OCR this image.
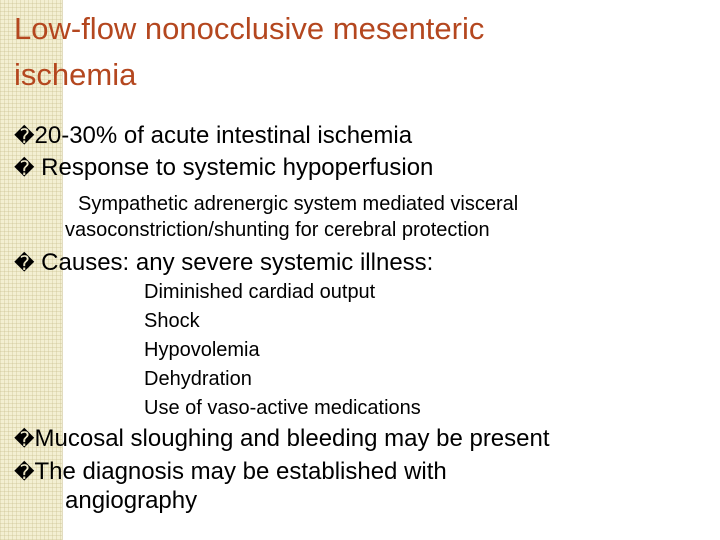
Low-flow nonocclusive mesenteric
ischemia
�20-30% of acute intestinal ischemia
� Response to systemic hypoperfusion
Sympathetic adrenergic system mediated visceral
vasoconstriction/shunting for cerebral protection
� Causes: any severe systemic illness:
Diminished cardiad output
Shock
Hypovolemia
Dehydration
Use of vaso-active medications
�Mucosal sloughing and bleeding may be present
�The diagnosis may be established with
angiography
